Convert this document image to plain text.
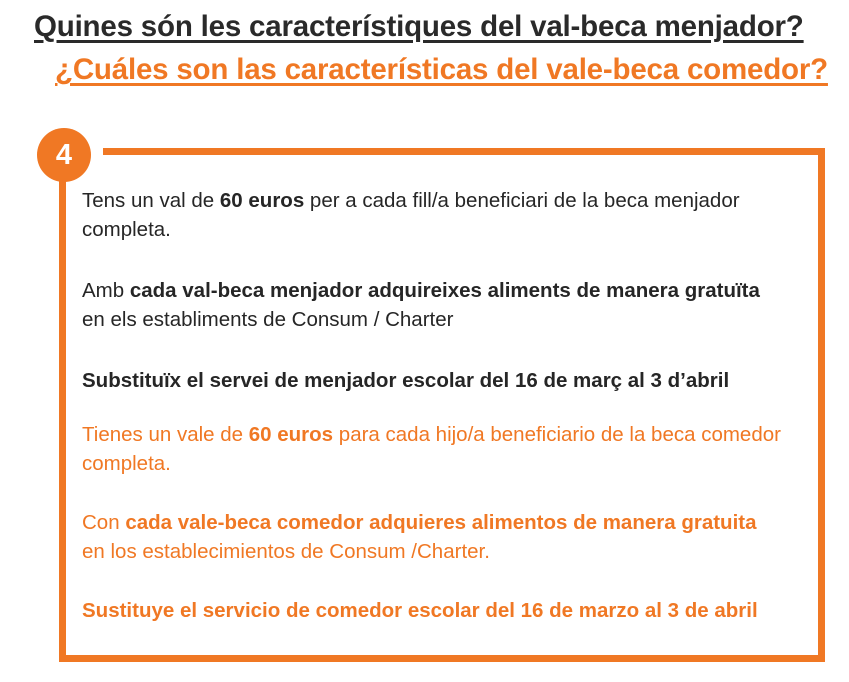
Quines són les característiques del val-beca menjador?
¿Cuáles son las características del vale-beca comedor?
4

Tens un val de 60 euros per a cada fill/a beneficiari de la beca menjador completa.

Amb cada val-beca menjador adquireixes aliments de manera gratuïta en els establiments de Consum / Charter

Substituïx el servei de menjador escolar del 16 de març al 3 d’abril

Tienes un vale de 60 euros para cada hijo/a beneficiario de la beca comedor completa.

Con cada vale-beca comedor adquieres alimentos de manera gratuita en los establecimientos de Consum /Charter.

Sustituye el servicio de comedor escolar del 16 de marzo al 3 de abril
